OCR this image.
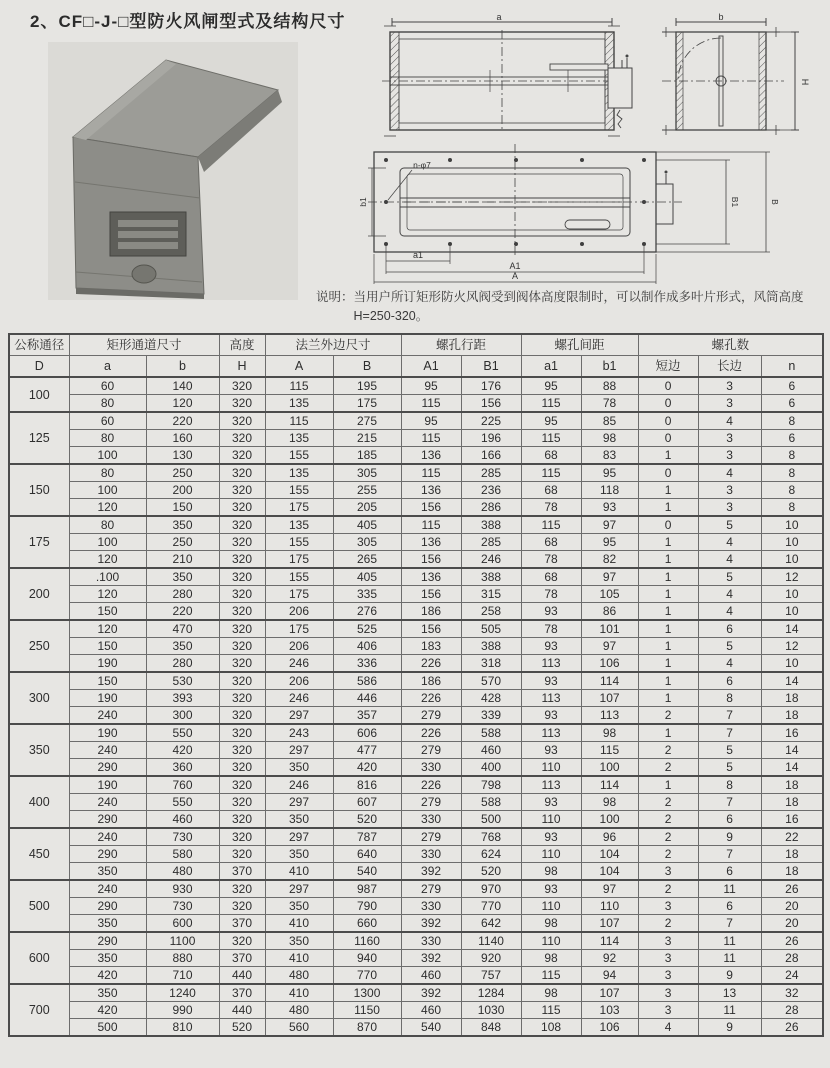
2、CF□-J-□型防火风闸型式及结构尺寸	a	b
H
n-φ7
b1
a1
A1
A
B1	B
说明： 当用户所订矩形防火风阀受到阀体高度限制时，可以制作成多叶片形式，风筒高度H=250-320。
公称通径	矩形通道尺寸		高度	法兰外边尺寸		螺孔行距		螺孔间距		螺孔数		
D	a	b	H	A	B	A1	B1	a1	b1	短边	长边	n
100	60	140	320	115	195	95	176	95	88	0	3	6
	80	120	320	135	175	115	156	115	78	0	3	6
125	60	220	320	115	275	95	225	95	85	0	4	8
	80	160	320	135	215	115	196	115	98	0	3	6
	100	130	320	155	185	136	166	68	83	1	3	8
150	80	250	320	135	305	115	285	115	95	0	4	8
	100	200	320	155	255	136	236	68	118	1	3	8
	120	150	320	175	205	156	286	78	93	1	3	8
175	80	350	320	135	405	115	388	115	97	0	5	10
	100	250	320	155	305	136	285	68	95	1	4	10
	120	210	320	175	265	156	246	78	82	1	4	10
200	.100	350	320	155	405	136	388	68	97	1	5	12
	120	280	320	175	335	156	315	78	105	1	4	10
	150	220	320	206	276	186	258	93	86	1	4	10
250	120	470	320	175	525	156	505	78	101	1	6	14
	150	350	320	206	406	183	388	93	97	1	5	12
	190	280	320	246	336	226	318	113	106	1	4	10
300	150	530	320	206	586	186	570	93	114	1	6	14
	190	393	320	246	446	226	428	113	107	1	8	18
	240	300	320	297	357	279	339	93	113	2	7	18
350	190	550	320	243	606	226	588	113	98	1	7	16
	240	420	320	297	477	279	460	93	115	2	5	14
	290	360	320	350	420	330	400	110	100	2	5	14
400	190	760	320	246	816	226	798	113	114	1	8	18
	240	550	320	297	607	279	588	93	98	2	7	18
	290	460	320	350	520	330	500	110	100	2	6	16
450	240	730	320	297	787	279	768	93	96	2	9	22
	290	580	320	350	640	330	624	110	104	2	7	18
	350	480	370	410	540	392	520	98	104	3	6	18
500	240	930	320	297	987	279	970	93	97	2	11	26
	290	730	320	350	790	330	770	110	110	3	6	20
	350	600	370	410	660	392	642	98	107	2	7	20
600	290	1100	320	350	1160	330	1140	110	114	3	11	26
	350	880	370	410	940	392	920	98	92	3	11	28
	420	710	440	480	770	460	757	115	94	3	9	24
700	350	1240	370	410	1300	392	1284	98	107	3	13	32
	420	990	440	480	1150	460	1030	115	103	3	11	28
	500	810	520	560	870	540	848	108	106	4	9	26
